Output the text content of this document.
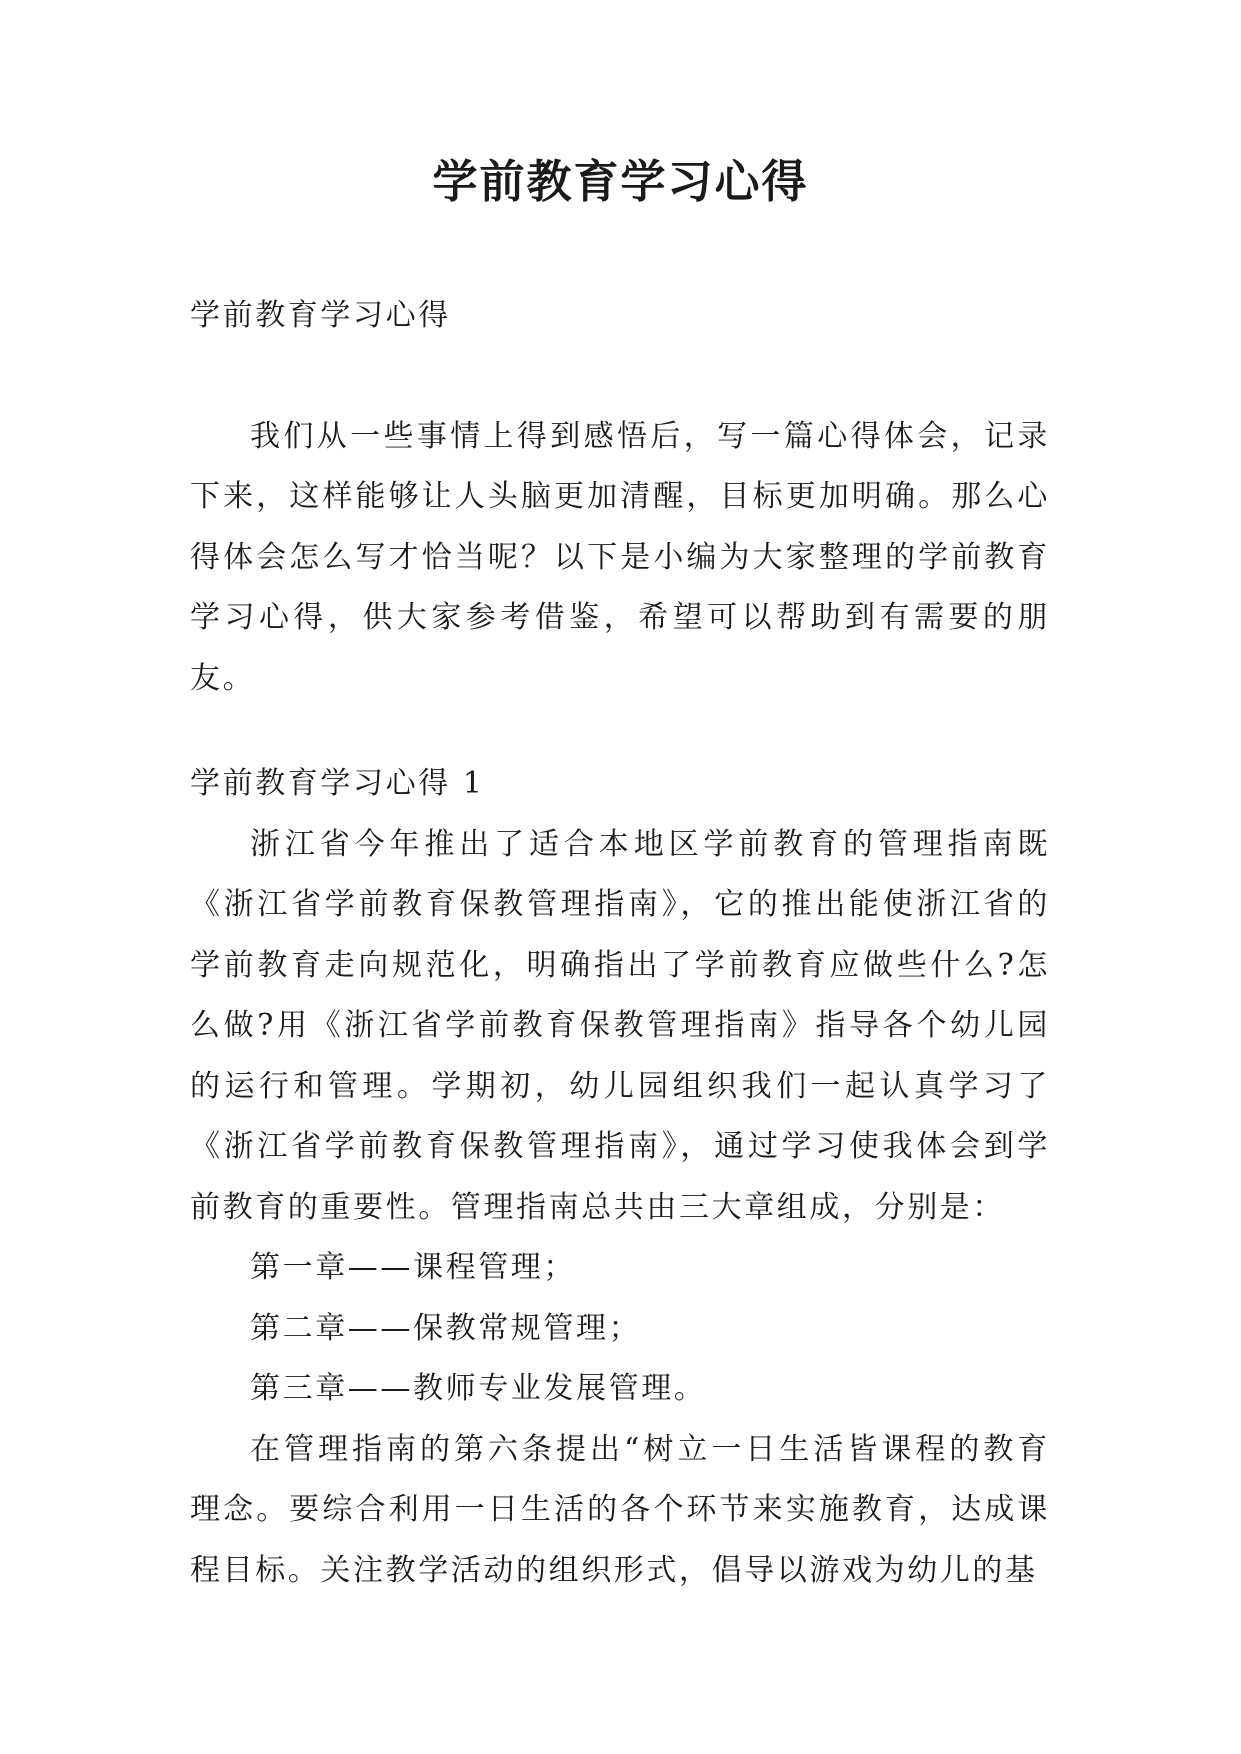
学前教育学习心得

学前教育学习心得

我们从一些事情上得到感悟后，写一篇心得体会，记录下来，这样能够让人头脑更加清醒，目标更加明确。那么心得体会怎么写才恰当呢？以下是小编为大家整理的学前教育学习心得，供大家参考借鉴，希望可以帮助到有需要的朋友。

学前教育学习心得 1

浙江省今年推出了适合本地区学前教育的管理指南既《浙江省学前教育保教管理指南》，它的推出能使浙江省的学前教育走向规范化，明确指出了学前教育应做些什么?怎么做?用《浙江省学前教育保教管理指南》指导各个幼儿园的运行和管理。学期初，幼儿园组织我们一起认真学习了《浙江省学前教育保教管理指南》，通过学习使我体会到学前教育的重要性。管理指南总共由三大章组成，分别是：

第一章——课程管理；

第二章——保教常规管理；

第三章——教师专业发展管理。

在管理指南的第六条提出“树立一日生活皆课程的教育理念。要综合利用一日生活的各个环节来实施教育，达成课程目标。关注教学活动的组织形式，倡导以游戏为幼儿的基
